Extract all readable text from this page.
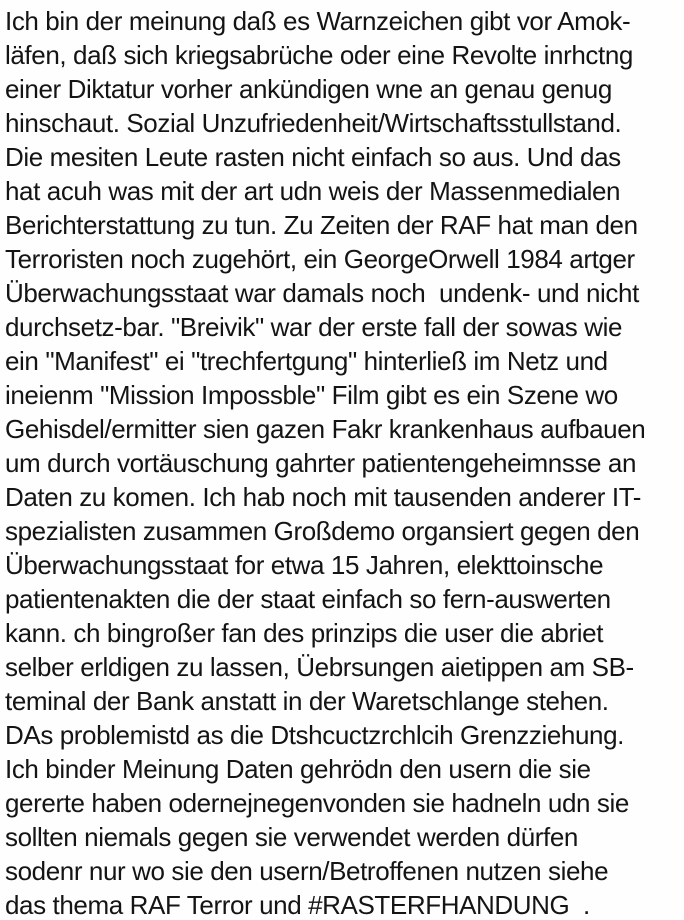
Ich bin der meinung daß es Warnzeichen gibt vor Amok-
läfen, daß sich kriegsabrüche oder eine Revolte inrhctng
einer Diktatur vorher ankündigen wne an genau genug
hinschaut. Sozial Unzufriedenheit/Wirtschaftsstullstand.
Die mesiten Leute rasten nicht einfach so aus. Und das
hat acuh was mit der art udn weis der Massenmedialen
Berichterstattung zu tun. Zu Zeiten der RAF hat man den
Terroristen noch zugehört, ein GeorgeOrwell 1984 artger
Überwachungsstaat war damals noch  undenk- und nicht
durchsetz-bar. "Breivik" war der erste fall der sowas wie
ein "Manifest" ei "trechfertgung" hinterließ im Netz und
ineienm "Mission Impossble" Film gibt es ein Szene wo
Gehisdel/ermitter sien gazen Fakr krankenhaus aufbauen
um durch vortäuschung gahrter patientengeheimnsse an
Daten zu komen. Ich hab noch mit tausenden anderer IT-
spezialisten zusammen Großdemo organsiert gegen den
Überwachungsstaat for etwa 15 Jahren, elekttoinsche
patientenakten die der staat einfach so fern-auswerten
kann. ch bingroßer fan des prinzips die user die abriet
selber erldigen zu lassen, Üebrsungen aietippen am SB-
teminal der Bank anstatt in der Waretschlange stehen.
DAs problemistd as die Dtshcuctzrchlcih Grenzziehung.
Ich binder Meinung Daten gehrödn den usern die sie
gererte haben odernejnegenvonden sie hadneln udn sie
sollten niemals gegen sie verwendet werden dürfen
sodenr nur wo sie den usern/Betroffenen nutzen siehe
das thema RAF Terror und #RASTERFHANDUNG  .
